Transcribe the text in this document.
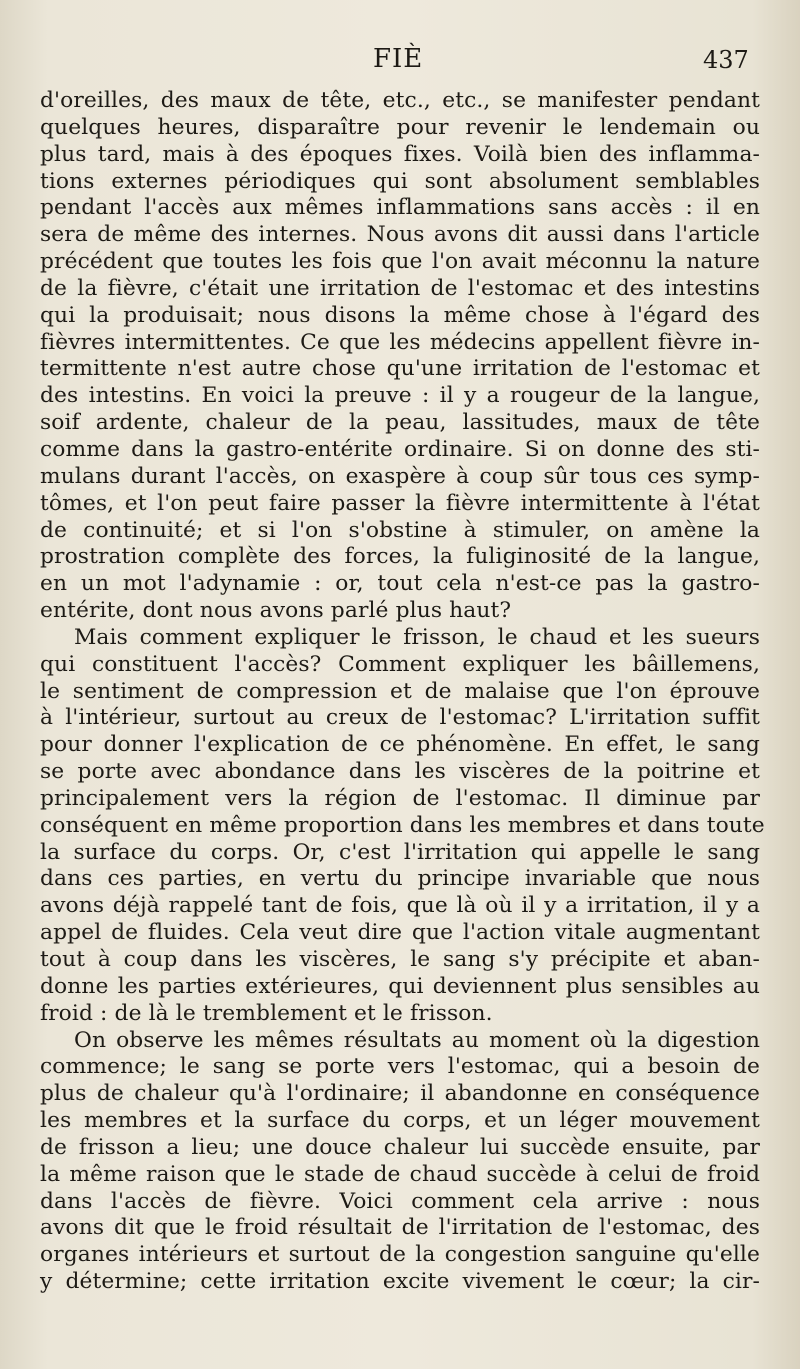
FIÈ	437
d'oreilles, des maux de tête, etc., etc., se manifester pendant
quelques heures, disparaître pour revenir le lendemain ou
plus tard, mais à des époques fixes. Voilà bien des inflamma-
tions externes périodiques qui sont absolument semblables
pendant l'accès aux mêmes inflammations sans accès : il en
sera de même des internes. Nous avons dit aussi dans l'article
précédent que toutes les fois que l'on avait méconnu la nature
de la fièvre, c'était une irritation de l'estomac et des intestins
qui la produisait; nous disons la même chose à l'égard des
fièvres intermittentes. Ce que les médecins appellent fièvre in-
termittente n'est autre chose qu'une irritation de l'estomac et
des intestins. En voici la preuve : il y a rougeur de la langue,
soif ardente, chaleur de la peau, lassitudes, maux de tête
comme dans la gastro-entérite ordinaire. Si on donne des sti-
mulans durant l'accès, on exaspère à coup sûr tous ces symp-
tômes, et l'on peut faire passer la fièvre intermittente à l'état
de continuité; et si l'on s'obstine à stimuler, on amène la
prostration complète des forces, la fuliginosité de la langue,
en un mot l'adynamie : or, tout cela n'est-ce pas la gastro-
entérite, dont nous avons parlé plus haut?
Mais comment expliquer le frisson, le chaud et les sueurs
qui constituent l'accès? Comment expliquer les bâillemens,
le sentiment de compression et de malaise que l'on éprouve
à l'intérieur, surtout au creux de l'estomac? L'irritation suffit
pour donner l'explication de ce phénomène. En effet, le sang
se porte avec abondance dans les viscères de la poitrine et
principalement vers la région de l'estomac. Il diminue par
conséquent en même proportion dans les membres et dans toute
la surface du corps. Or, c'est l'irritation qui appelle le sang
dans ces parties, en vertu du principe invariable que nous
avons déjà rappelé tant de fois, que là où il y a irritation, il y a
appel de fluides. Cela veut dire que l'action vitale augmentant
tout à coup dans les viscères, le sang s'y précipite et aban-
donne les parties extérieures, qui deviennent plus sensibles au
froid : de là le tremblement et le frisson.
On observe les mêmes résultats au moment où la digestion
commence; le sang se porte vers l'estomac, qui a besoin de
plus de chaleur qu'à l'ordinaire; il abandonne en conséquence
les membres et la surface du corps, et un léger mouvement
de frisson a lieu; une douce chaleur lui succède ensuite, par
la même raison que le stade de chaud succède à celui de froid
dans l'accès de fièvre. Voici comment cela arrive : nous
avons dit que le froid résultait de l'irritation de l'estomac, des
organes intérieurs et surtout de la congestion sanguine qu'elle
y détermine; cette irritation excite vivement le cœur; la cir-
